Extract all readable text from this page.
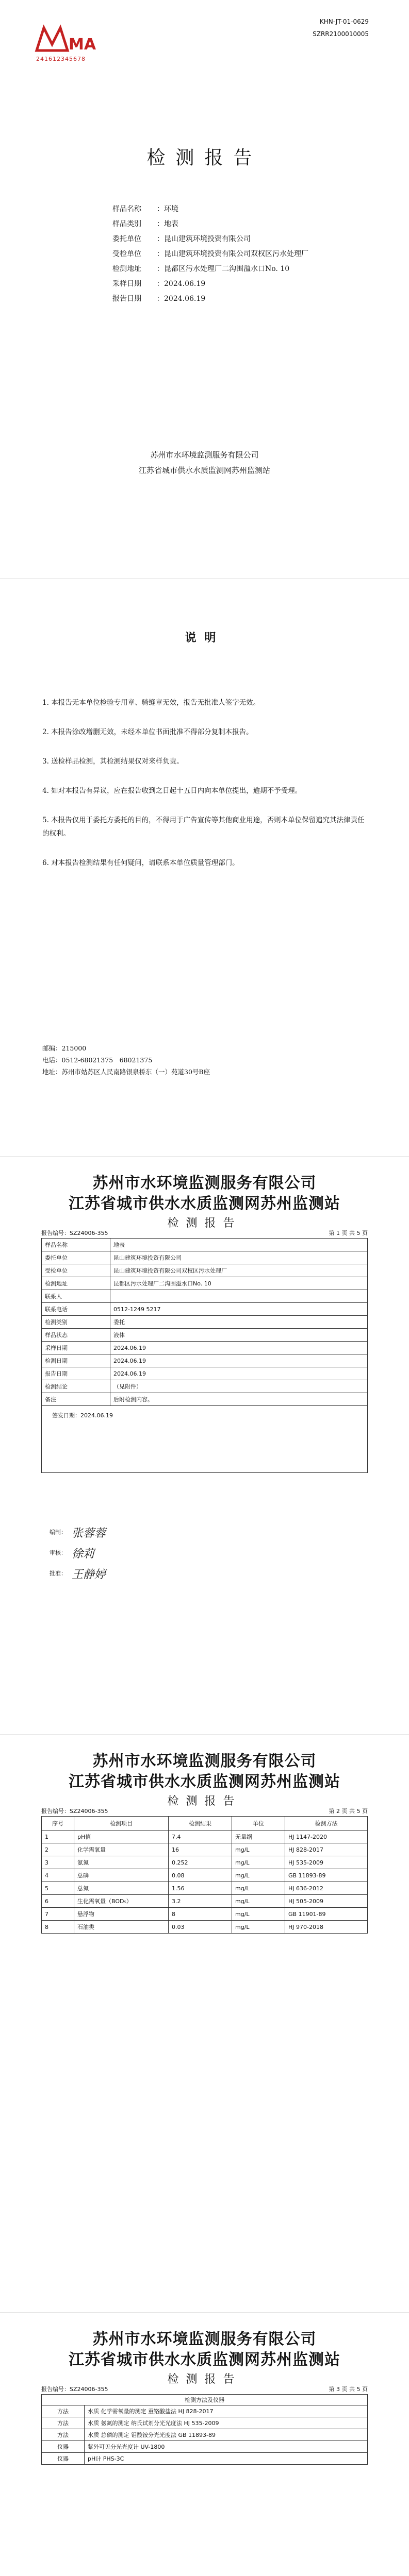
MA
241612345678
KHN-JT-01-0629
SZRR2100010005
检测报告
样品名称	： 环境
样品类别	： 地表
委托单位	： 昆山建筑环境投资有限公司
受检单位	： 昆山建筑环境投资有限公司双权区污水处理厂
检测地址	： 昆都区污水处理厂二沟围溢水口No. 10
采样日期	： 2024.06.19
报告日期	： 2024.06.19
苏州市水环境监测服务有限公司
江苏省城市供水水质监测网苏州监测站
说明
1. 本报告无本单位检验专用章、骑缝章无效，报告无批准人签字无效。
2. 本报告涂改增删无效，未经本单位书面批准不得部分复制本报告。
3. 送检样品检测，其检测结果仅对来样负责。
4. 如对本报告有异议，应在报告收到之日起十五日内向本单位提出，逾期不予受理。
5. 本报告仅用于委托方委托的目的，不得用于广告宣传等其他商业用途，否则本单位保留追究其法律责任的权利。
6. 对本报告检测结果有任何疑问，请联系本单位质量管理部门。
邮编：215000
电话：0512-68021375　68021375
地址：苏州市姑苏区人民南路银泉桥东（一）苑道30号B座
苏州市水环境监测服务有限公司
江苏省城市供水水质监测网苏州监测站
检测报告
报告编号：SZ24006-355	第 1 页 共 5 页
样品名称	地表
委托单位	昆山建筑环境投资有限公司
受检单位	昆山建筑环境投资有限公司双权区污水处理厂
检测地址	昆都区污水处理厂二沟围溢水口No. 10
联系人	
联系电话	0512-1249 5217
检测类别	委托
样品状态	液体
采样日期	2024.06.19
检测日期	2024.06.19
报告日期	2024.06.19
检测结论	（见附件）
备注	后附检测内容。
签发日期：2024.06.19
编制： 张蓉蓉
审核： 徐莉
批准： 王静婷
苏州市水环境监测服务有限公司
江苏省城市供水水质监测网苏州监测站
检测报告
报告编号：SZ24006-355	第 2 页 共 5 页
序号	检测项目	检测结果	单位	检测方法
1	pH值	7.4	无量纲	HJ 1147-2020
2	化学需氧量	16	mg/L	HJ 828-2017
3	氨氮	0.252	mg/L	HJ 535-2009
4	总磷	0.08	mg/L	GB 11893-89
5	总氮	1.56	mg/L	HJ 636-2012
6	生化需氧量（BOD₅）	3.2	mg/L	HJ 505-2009
7	悬浮物	8	mg/L	GB 11901-89
8	石油类	0.03	mg/L	HJ 970-2018
苏州市水环境监测服务有限公司
江苏省城市供水水质监测网苏州监测站
检测报告
报告编号：SZ24006-355	第 3 页 共 5 页
检测方法及仪器	
方法	水质 化学需氧量的测定 重铬酸盐法 HJ 828-2017
方法	水质 氨氮的测定 纳氏试剂分光光度法 HJ 535-2009
方法	水质 总磷的测定 钼酸铵分光光度法 GB 11893-89
仪器	紫外可见分光光度计 UV-1800
仪器	pH计 PHS-3C
